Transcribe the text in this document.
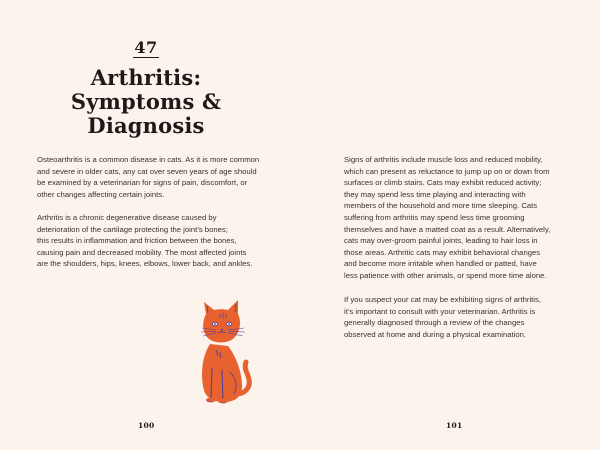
47
Arthritis:
Symptoms &
Diagnosis

Osteoarthritis is a common disease in cats. As it is more common
and severe in older cats, any cat over seven years of age should
be examined by a veterinarian for signs of pain, discomfort, or
other changes affecting certain joints.

Arthritis is a chronic degenerative disease caused by
deterioration of the cartilage protecting the joint’s bones;
this results in inflammation and friction between the bones,
causing pain and decreased mobility. The most affected joints
are the shoulders, hips, knees, elbows, lower back, and ankles.

100

Signs of arthritis include muscle loss and reduced mobility,
which can present as reluctance to jump up on or down from
surfaces or climb stairs. Cats may exhibit reduced activity;
they may spend less time playing and interacting with
members of the household and more time sleeping. Cats
suffering from arthritis may spend less time grooming
themselves and have a matted coat as a result. Alternatively,
cats may over-groom painful joints, leading to hair loss in
those areas. Arthritic cats may exhibit behavioral changes
and become more irritable when handled or patted, have
less patience with other animals, or spend more time alone.

If you suspect your cat may be exhibiting signs of arthritis,
it’s important to consult with your veterinarian. Arthritis is
generally diagnosed through a review of the changes
observed at home and during a physical examination.

101
